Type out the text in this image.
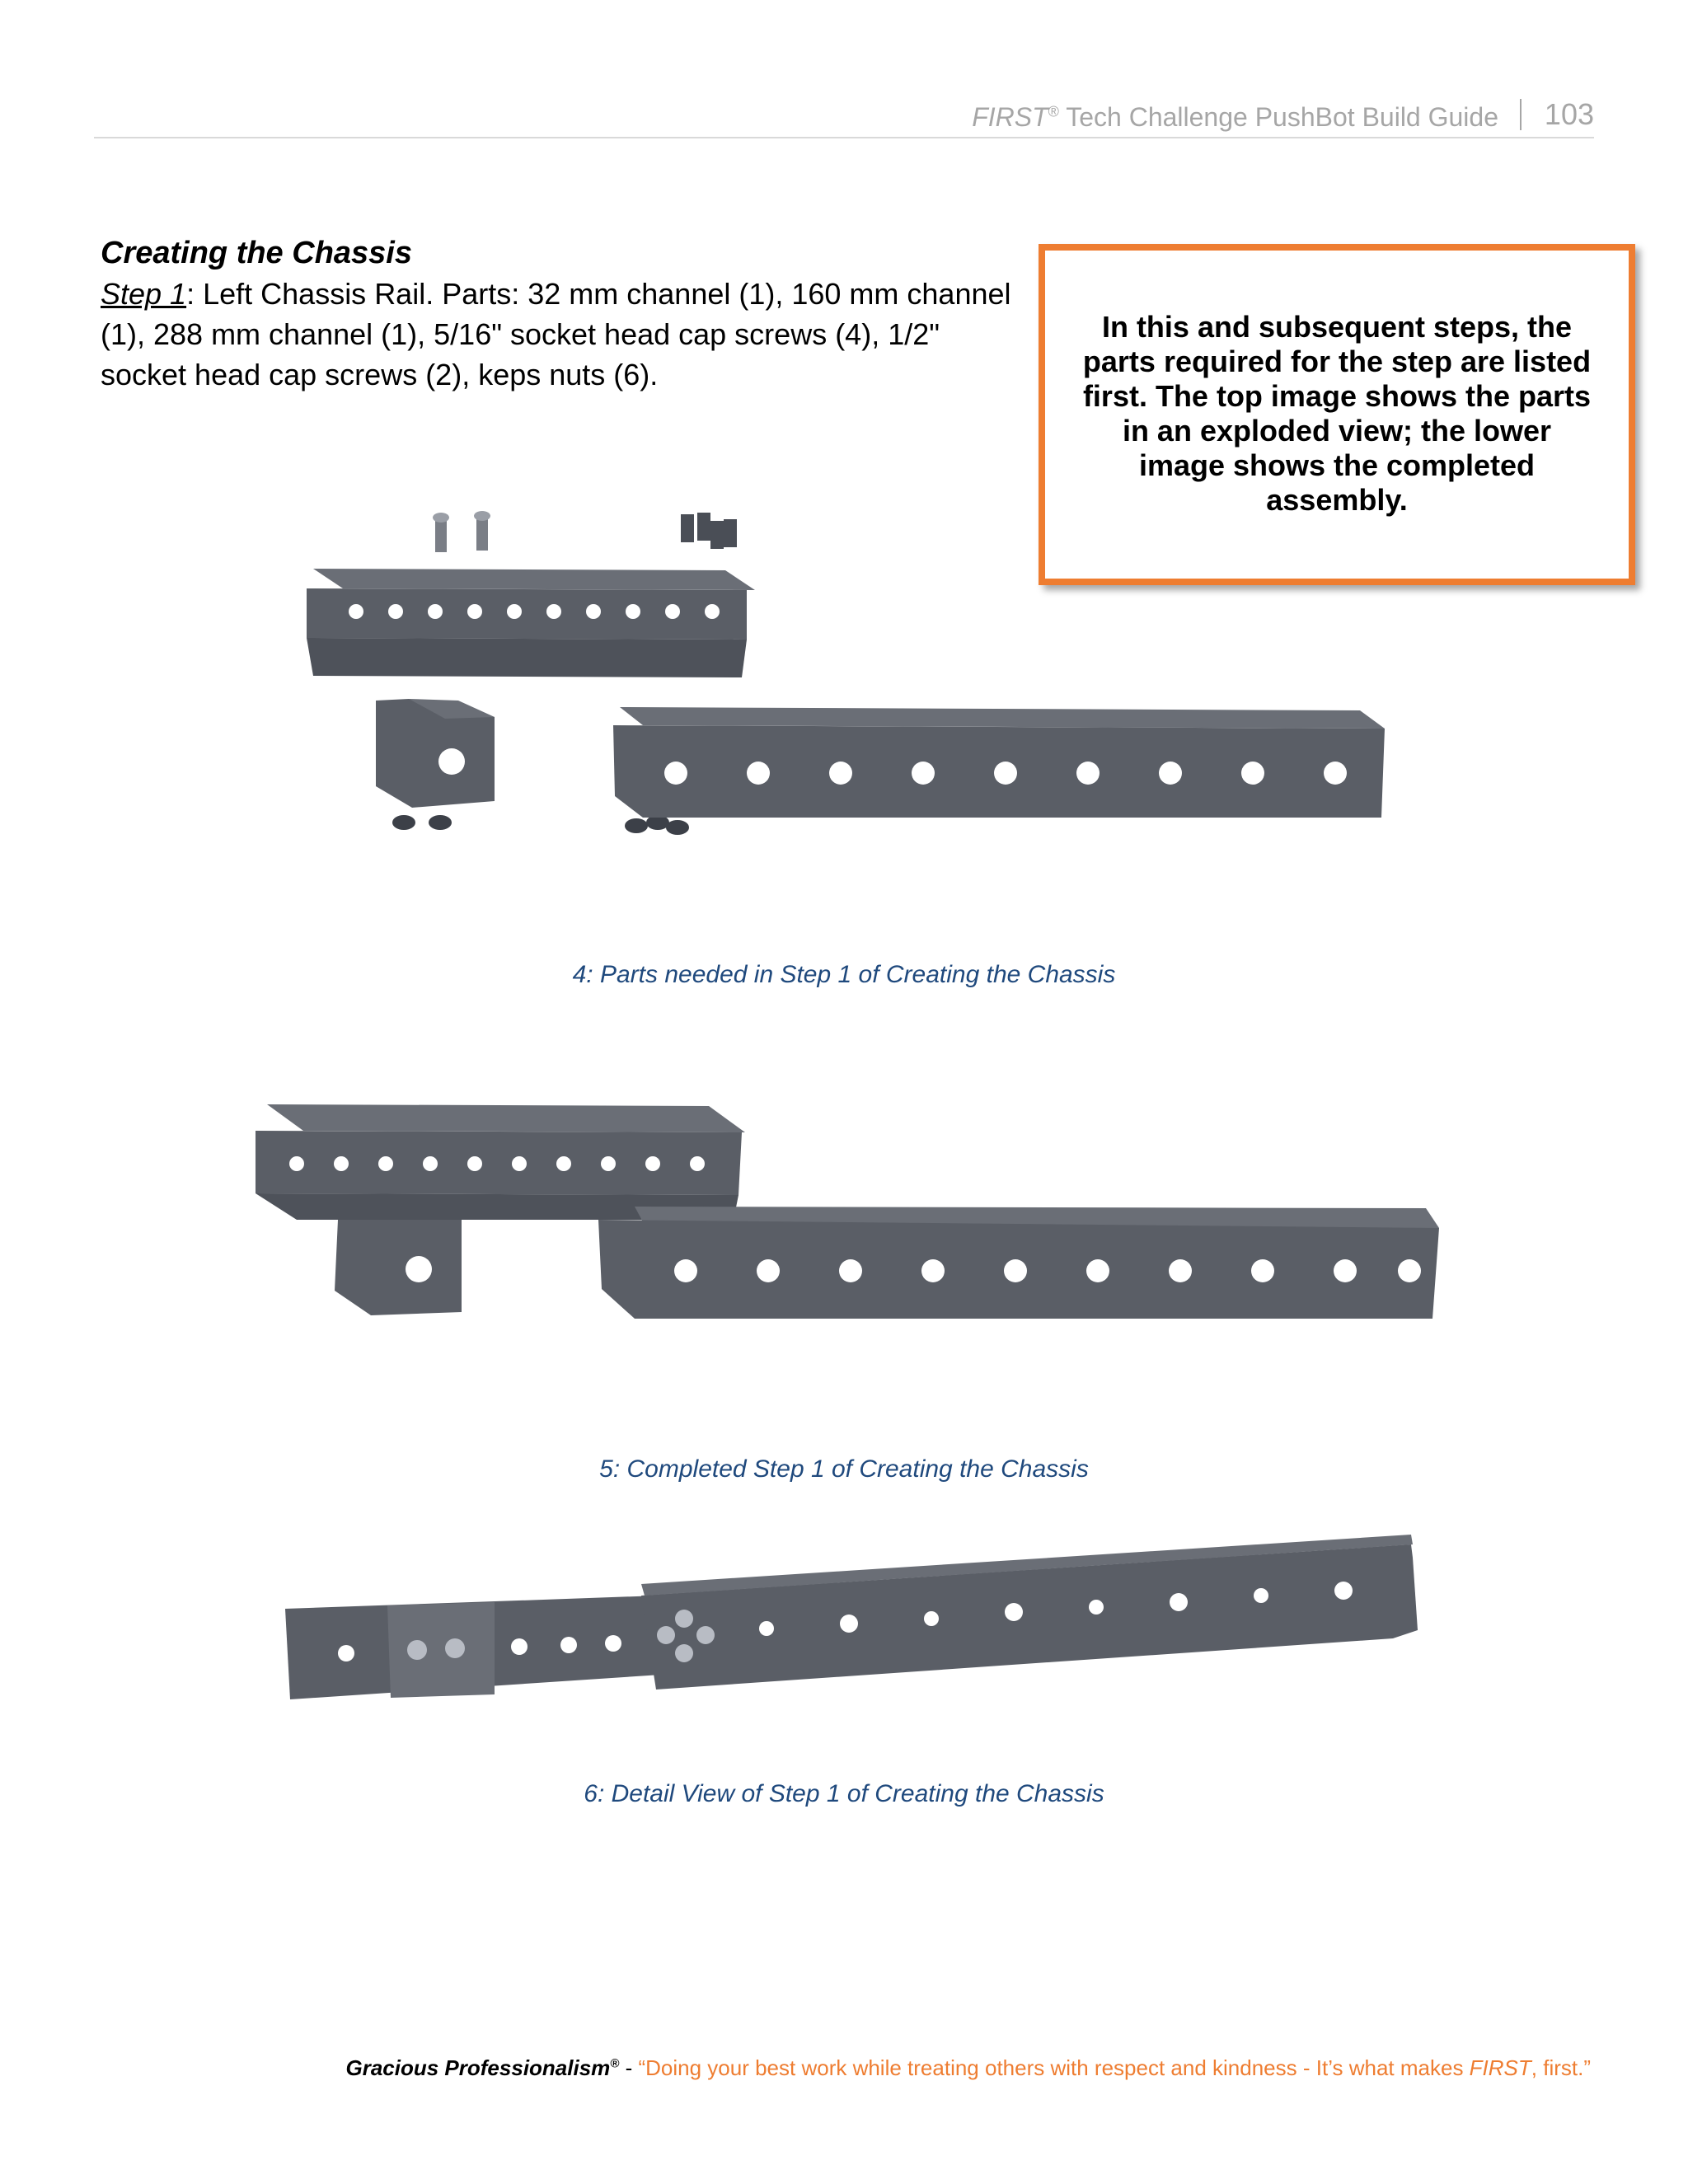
FIRST® Tech Challenge PushBot Build Guide 103
Creating the Chassis
Step 1: Left Chassis Rail. Parts: 32 mm channel (1), 160 mm channel (1), 288 mm channel (1), 5/16" socket head cap screws (4), 1/2" socket head cap screws (2), keps nuts (6).
In this and subsequent steps, the parts required for the step are listed first. The top image shows the parts in an exploded view; the lower image shows the completed assembly.
4: Parts needed in Step 1 of Creating the Chassis
5: Completed Step 1 of Creating the Chassis
6: Detail View of Step 1 of Creating the Chassis
Gracious Professionalism® - “Doing your best work while treating others with respect and kindness - It’s what makes FIRST, first.”
